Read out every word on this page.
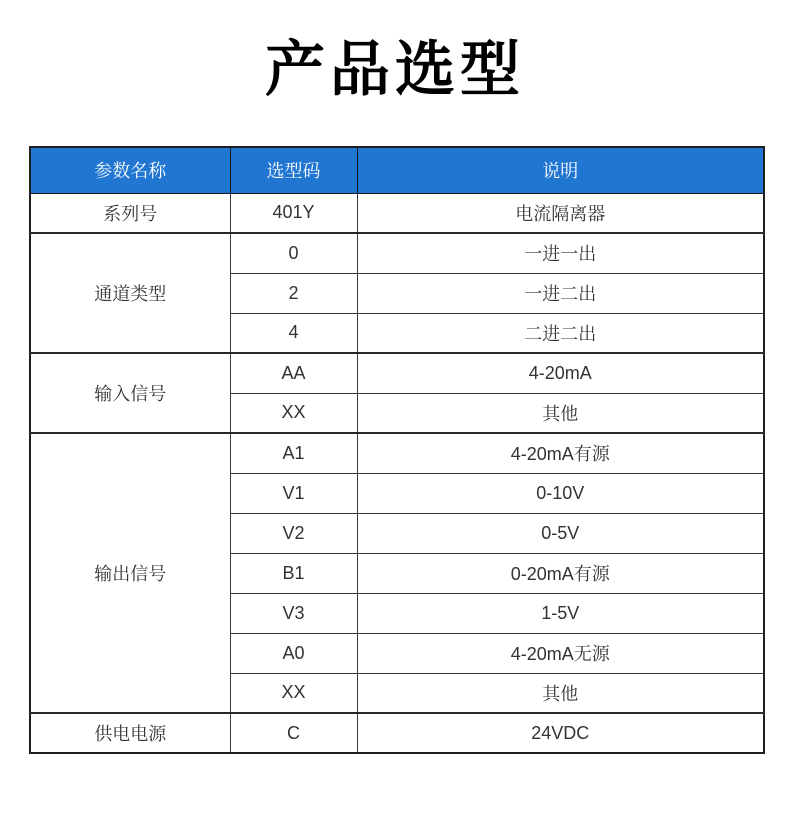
产品选型
参数名称	选型码	说明
系列号	401Y	电流隔离器
通道类型	0	一进一出
	2	一进二出
	4	二进二出
输入信号	AA	4-20mA
	XX	其他
输出信号	A1	4-20mA有源
	V1	0-10V
	V2	0-5V
	B1	0-20mA有源
	V3	1-5V
	A0	4-20mA无源
	XX	其他
供电电源	C	24VDC
